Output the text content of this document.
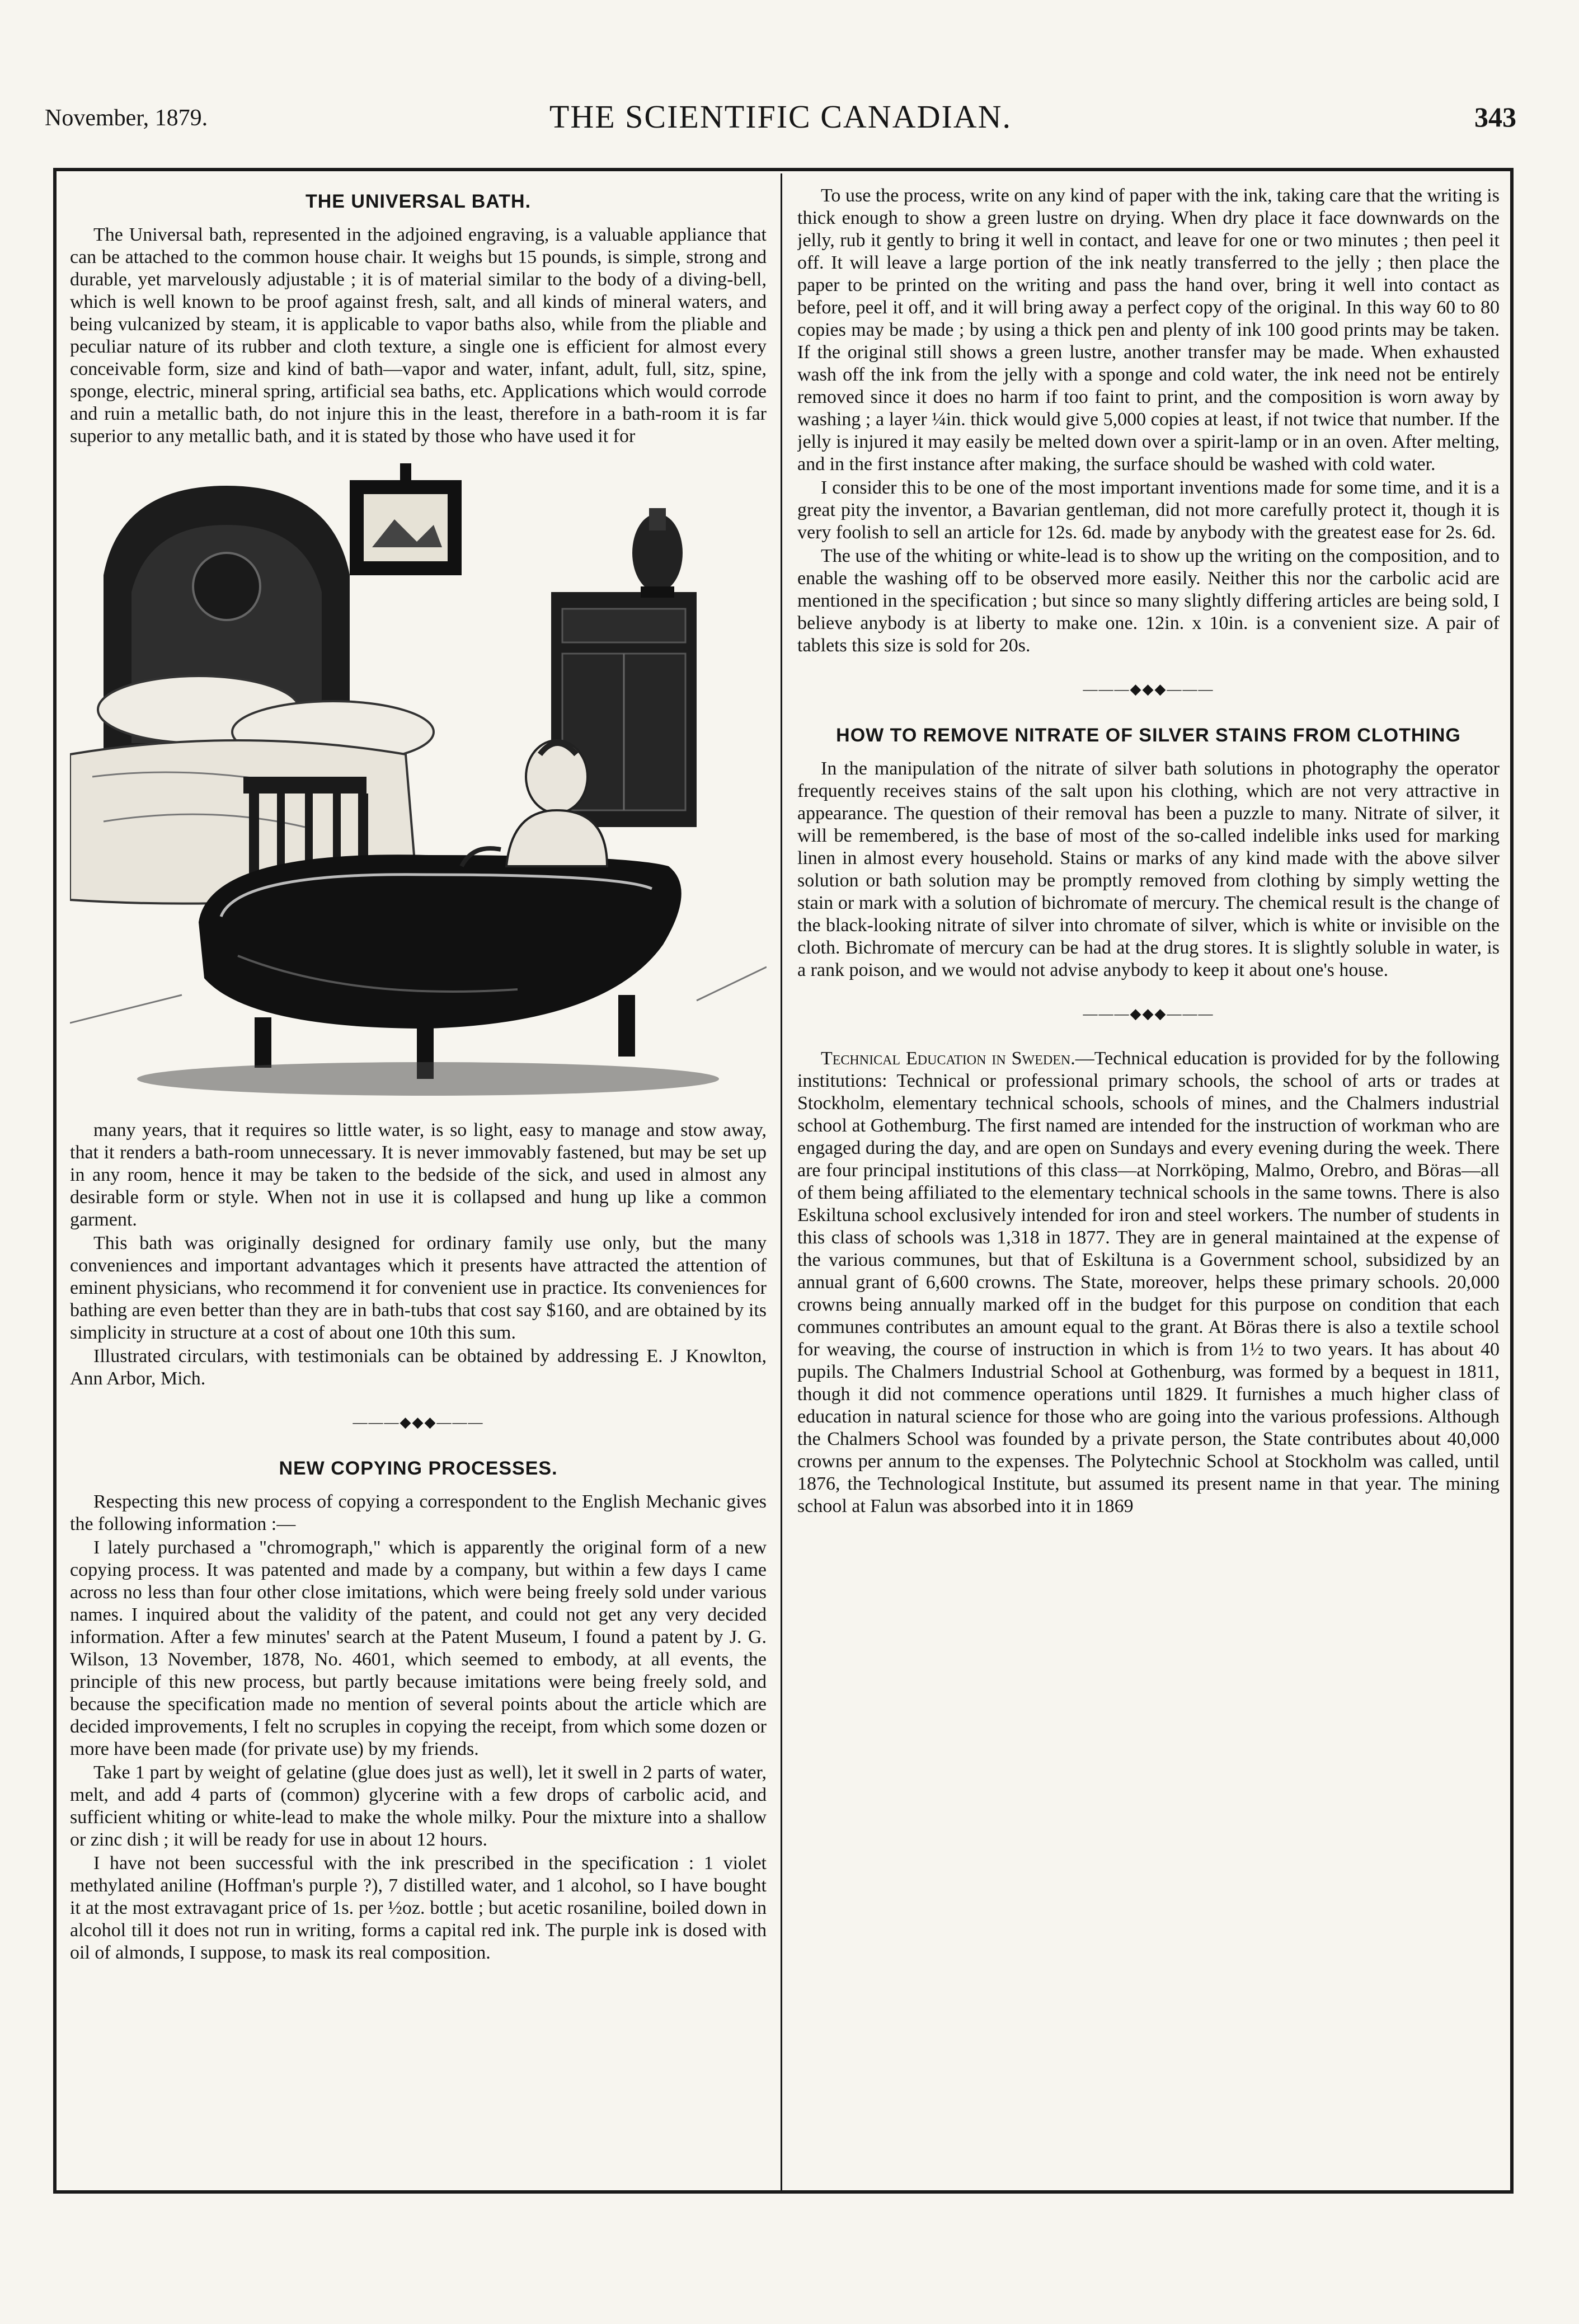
November, 1879.	THE SCIENTIFIC CANADIAN.	343
THE UNIVERSAL BATH.

The Universal bath, represented in the adjoined engraving, is a valuable appliance that can be attached to the common house chair. It weighs but 15 pounds, is simple, strong and durable, yet marvelously adjustable ; it is of material similar to the body of a diving-bell, which is well known to be proof against fresh, salt, and all kinds of mineral waters, and being vulcanized by steam, it is applicable to vapor baths also, while from the pliable and peculiar nature of its rubber and cloth texture, a single one is efficient for almost every conceivable form, size and kind of bath—vapor and water, infant, adult, full, sitz, spine, sponge, electric, mineral spring, artificial sea baths, etc. Applications which would corrode and ruin a metallic bath, do not injure this in the least, therefore in a bath-room it is far superior to any metallic bath, and it is stated by those who have used it for

many years, that it requires so little water, is so light, easy to manage and stow away, that it renders a bath-room unnecessary. It is never immovably fastened, but may be set up in any room, hence it may be taken to the bedside of the sick, and used in almost any desirable form or style. When not in use it is collapsed and hung up like a common garment.

This bath was originally designed for ordinary family use only, but the many conveniences and important advantages which it presents have attracted the attention of eminent physicians, who recommend it for convenient use in practice. Its conveniences for bathing are even better than they are in bath-tubs that cost say $160, and are obtained by its simplicity in structure at a cost of about one 10th this sum.

Illustrated circulars, with testimonials can be obtained by addressing E. J Knowlton, Ann Arbor, Mich.

———◆◆◆———
NEW COPYING PROCESSES.

Respecting this new process of copying a correspondent to the English Mechanic gives the following information :—

I lately purchased a "chromograph," which is apparently the original form of a new copying process. It was patented and made by a company, but within a few days I came across no less than four other close imitations, which were being freely sold under various names. I inquired about the validity of the patent, and could not get any very decided information. After a few minutes' search at the Patent Museum, I found a patent by J. G. Wilson, 13 November, 1878, No. 4601, which seemed to embody, at all events, the principle of this new process, but partly because imitations were being freely sold, and because the specification made no mention of several points about the article which are decided improvements, I felt no scruples in copying the receipt, from which some dozen or more have been made (for private use) by my friends.

Take 1 part by weight of gelatine (glue does just as well), let it swell in 2 parts of water, melt, and add 4 parts of (common) glycerine with a few drops of carbolic acid, and sufficient whiting or white-lead to make the whole milky. Pour the mixture into a shallow or zinc dish ; it will be ready for use in about 12 hours.

I have not been successful with the ink prescribed in the specification : 1 violet methylated aniline (Hoffman's purple ?), 7 distilled water, and 1 alcohol, so I have bought it at the most extravagant price of 1s. per ½oz. bottle ; but acetic rosaniline, boiled down in alcohol till it does not run in writing, forms a capital red ink. The purple ink is dosed with oil of almonds, I suppose, to mask its real composition.

To use the process, write on any kind of paper with the ink, taking care that the writing is thick enough to show a green lustre on drying. When dry place it face downwards on the jelly, rub it gently to bring it well in contact, and leave for one or two minutes ; then peel it off. It will leave a large portion of the ink neatly transferred to the jelly ; then place the paper to be printed on the writing and pass the hand over, bring it well into contact as before, peel it off, and it will bring away a perfect copy of the original. In this way 60 to 80 copies may be made ; by using a thick pen and plenty of ink 100 good prints may be taken. If the original still shows a green lustre, another transfer may be made. When exhausted wash off the ink from the jelly with a sponge and cold water, the ink need not be entirely removed since it does no harm if too faint to print, and the composition is worn away by washing ; a layer ¼in. thick would give 5,000 copies at least, if not twice that number. If the jelly is injured it may easily be melted down over a spirit-lamp or in an oven. After melting, and in the first instance after making, the surface should be washed with cold water.

I consider this to be one of the most important inventions made for some time, and it is a great pity the inventor, a Bavarian gentleman, did not more carefully protect it, though it is very foolish to sell an article for 12s. 6d. made by anybody with the greatest ease for 2s. 6d.

The use of the whiting or white-lead is to show up the writing on the composition, and to enable the washing off to be observed more easily. Neither this nor the carbolic acid are mentioned in the specification ; but since so many slightly differing articles are being sold, I believe anybody is at liberty to make one. 12in. x 10in. is a convenient size. A pair of tablets this size is sold for 20s.

———◆◆◆———
HOW TO REMOVE NITRATE OF SILVER STAINS FROM CLOTHING

In the manipulation of the nitrate of silver bath solutions in photography the operator frequently receives stains of the salt upon his clothing, which are not very attractive in appearance. The question of their removal has been a puzzle to many. Nitrate of silver, it will be remembered, is the base of most of the so-called indelible inks used for marking linen in almost every household. Stains or marks of any kind made with the above silver solution or bath solution may be promptly removed from clothing by simply wetting the stain or mark with a solution of bichromate of mercury. The chemical result is the change of the black-looking nitrate of silver into chromate of silver, which is white or invisible on the cloth. Bichromate of mercury can be had at the drug stores. It is slightly soluble in water, is a rank poison, and we would not advise anybody to keep it about one's house.

———◆◆◆———

Technical Education in Sweden.—Technical education is provided for by the following institutions: Technical or professional primary schools, the school of arts or trades at Stockholm, elementary technical schools, schools of mines, and the Chalmers industrial school at Gothemburg. The first named are intended for the instruction of workman who are engaged during the day, and are open on Sundays and every evening during the week. There are four principal institutions of this class—at Norrköping, Malmo, Orebro, and Böras—all of them being affiliated to the elementary technical schools in the same towns. There is also Eskiltuna school exclusively intended for iron and steel workers. The number of students in this class of schools was 1,318 in 1877. They are in general maintained at the expense of the various communes, but that of Eskiltuna is a Government school, subsidized by an annual grant of 6,600 crowns. The State, moreover, helps these primary schools. 20,000 crowns being annually marked off in the budget for this purpose on condition that each communes contributes an amount equal to the grant. At Böras there is also a textile school for weaving, the course of instruction in which is from 1½ to two years. It has about 40 pupils. The Chalmers Industrial School at Gothenburg, was formed by a bequest in 1811, though it did not commence operations until 1829. It furnishes a much higher class of education in natural science for those who are going into the various professions. Although the Chalmers School was founded by a private person, the State contributes about 40,000 crowns per annum to the expenses. The Polytechnic School at Stockholm was called, until 1876, the Technological Institute, but assumed its present name in that year. The mining school at Falun was absorbed into it in 1869
